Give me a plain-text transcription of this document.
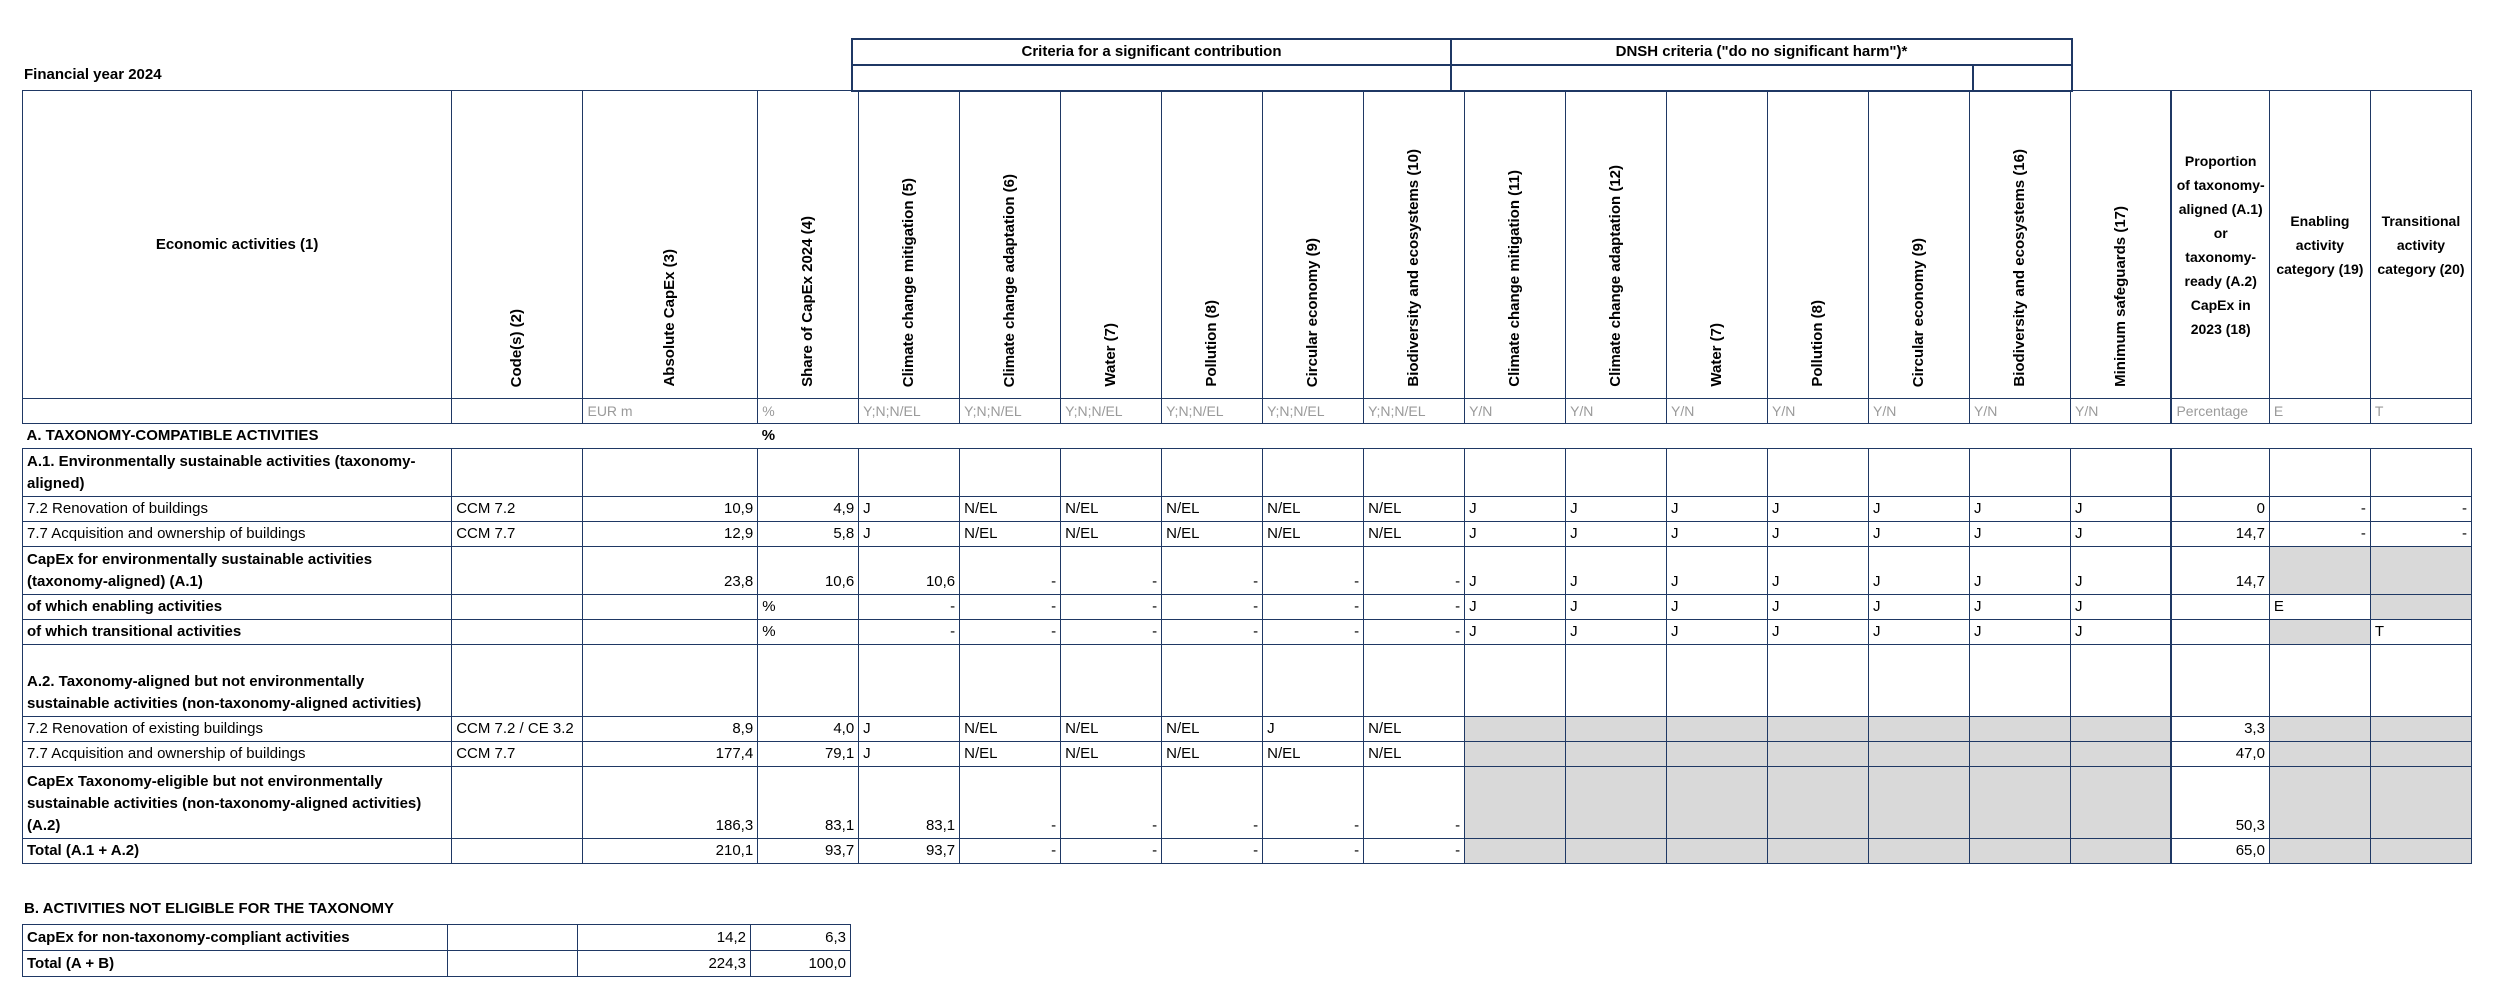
Financial year 2024
Criteria for a significant contribution	DNSH criteria ("do no significant harm")*
Economic activities (1)	Code(s) (2)	Absolute CapEx (3)	Share of CapEx 2024 (4)	Climate change mitigation (5)	Climate change adaptation (6)	Water (7)	Pollution (8)	Circular economy (9)	Biodiversity and ecosystems (10)	Climate change mitigation (11)	Climate change adaptation (12)	Water (7)	Pollution (8)	Circular economy (9)	Biodiversity and ecosystems (16)	Minimum safeguards (17)	Proportion of taxonomy-aligned (A.1) or taxonomy-ready (A.2) CapEx in 2023 (18)	Enabling activity category (19)	Transitional activity category (20)
		EUR m	%	Y;N;N/EL	Y;N;N/EL	Y;N;N/EL	Y;N;N/EL	Y;N;N/EL	Y;N;N/EL	Y/N	Y/N	Y/N	Y/N	Y/N	Y/N	Y/N	Percentage	E	T
A. TAXONOMY-COMPATIBLE ACTIVITIES			%																
A.1. Environmentally sustainable activities (taxonomy-aligned)																			
7.2 Renovation of buildings	CCM 7.2	10,9	4,9	J	N/EL	N/EL	N/EL	N/EL	N/EL	J	J	J	J	J	J	J	0	-	-
7.7 Acquisition and ownership of buildings	CCM 7.7	12,9	5,8	J	N/EL	N/EL	N/EL	N/EL	N/EL	J	J	J	J	J	J	J	14,7	-	-
CapEx for environmentally sustainable activities (taxonomy-aligned) (A.1)		23,8	10,6	10,6	-	-	-	-	-	J	J	J	J	J	J	J	14,7		
of which enabling activities			%	-	-	-	-	-	-	J	J	J	J	J	J	J		E	
of which transitional activities			%	-	-	-	-	-	-	J	J	J	J	J	J	J			T
A.2. Taxonomy-aligned but not environmentally sustainable activities (non-taxonomy-aligned activities)																			
7.2 Renovation of existing buildings	CCM 7.2 / CE 3.2	8,9	4,0	J	N/EL	N/EL	N/EL	J	N/EL								3,3		
7.7 Acquisition and ownership of buildings	CCM 7.7	177,4	79,1	J	N/EL	N/EL	N/EL	N/EL	N/EL								47,0		
CapEx Taxonomy-eligible but not environmentally sustainable activities (non-taxonomy-aligned activities) (A.2)		186,3	83,1	83,1	-	-	-	-	-								50,3		
Total (A.1 + A.2)		210,1	93,7	93,7	-	-	-	-	-								65,0		
B. ACTIVITIES NOT ELIGIBLE FOR THE TAXONOMY
CapEx for non-taxonomy-compliant activities		14,2	6,3
Total (A + B)		224,3	100,0
